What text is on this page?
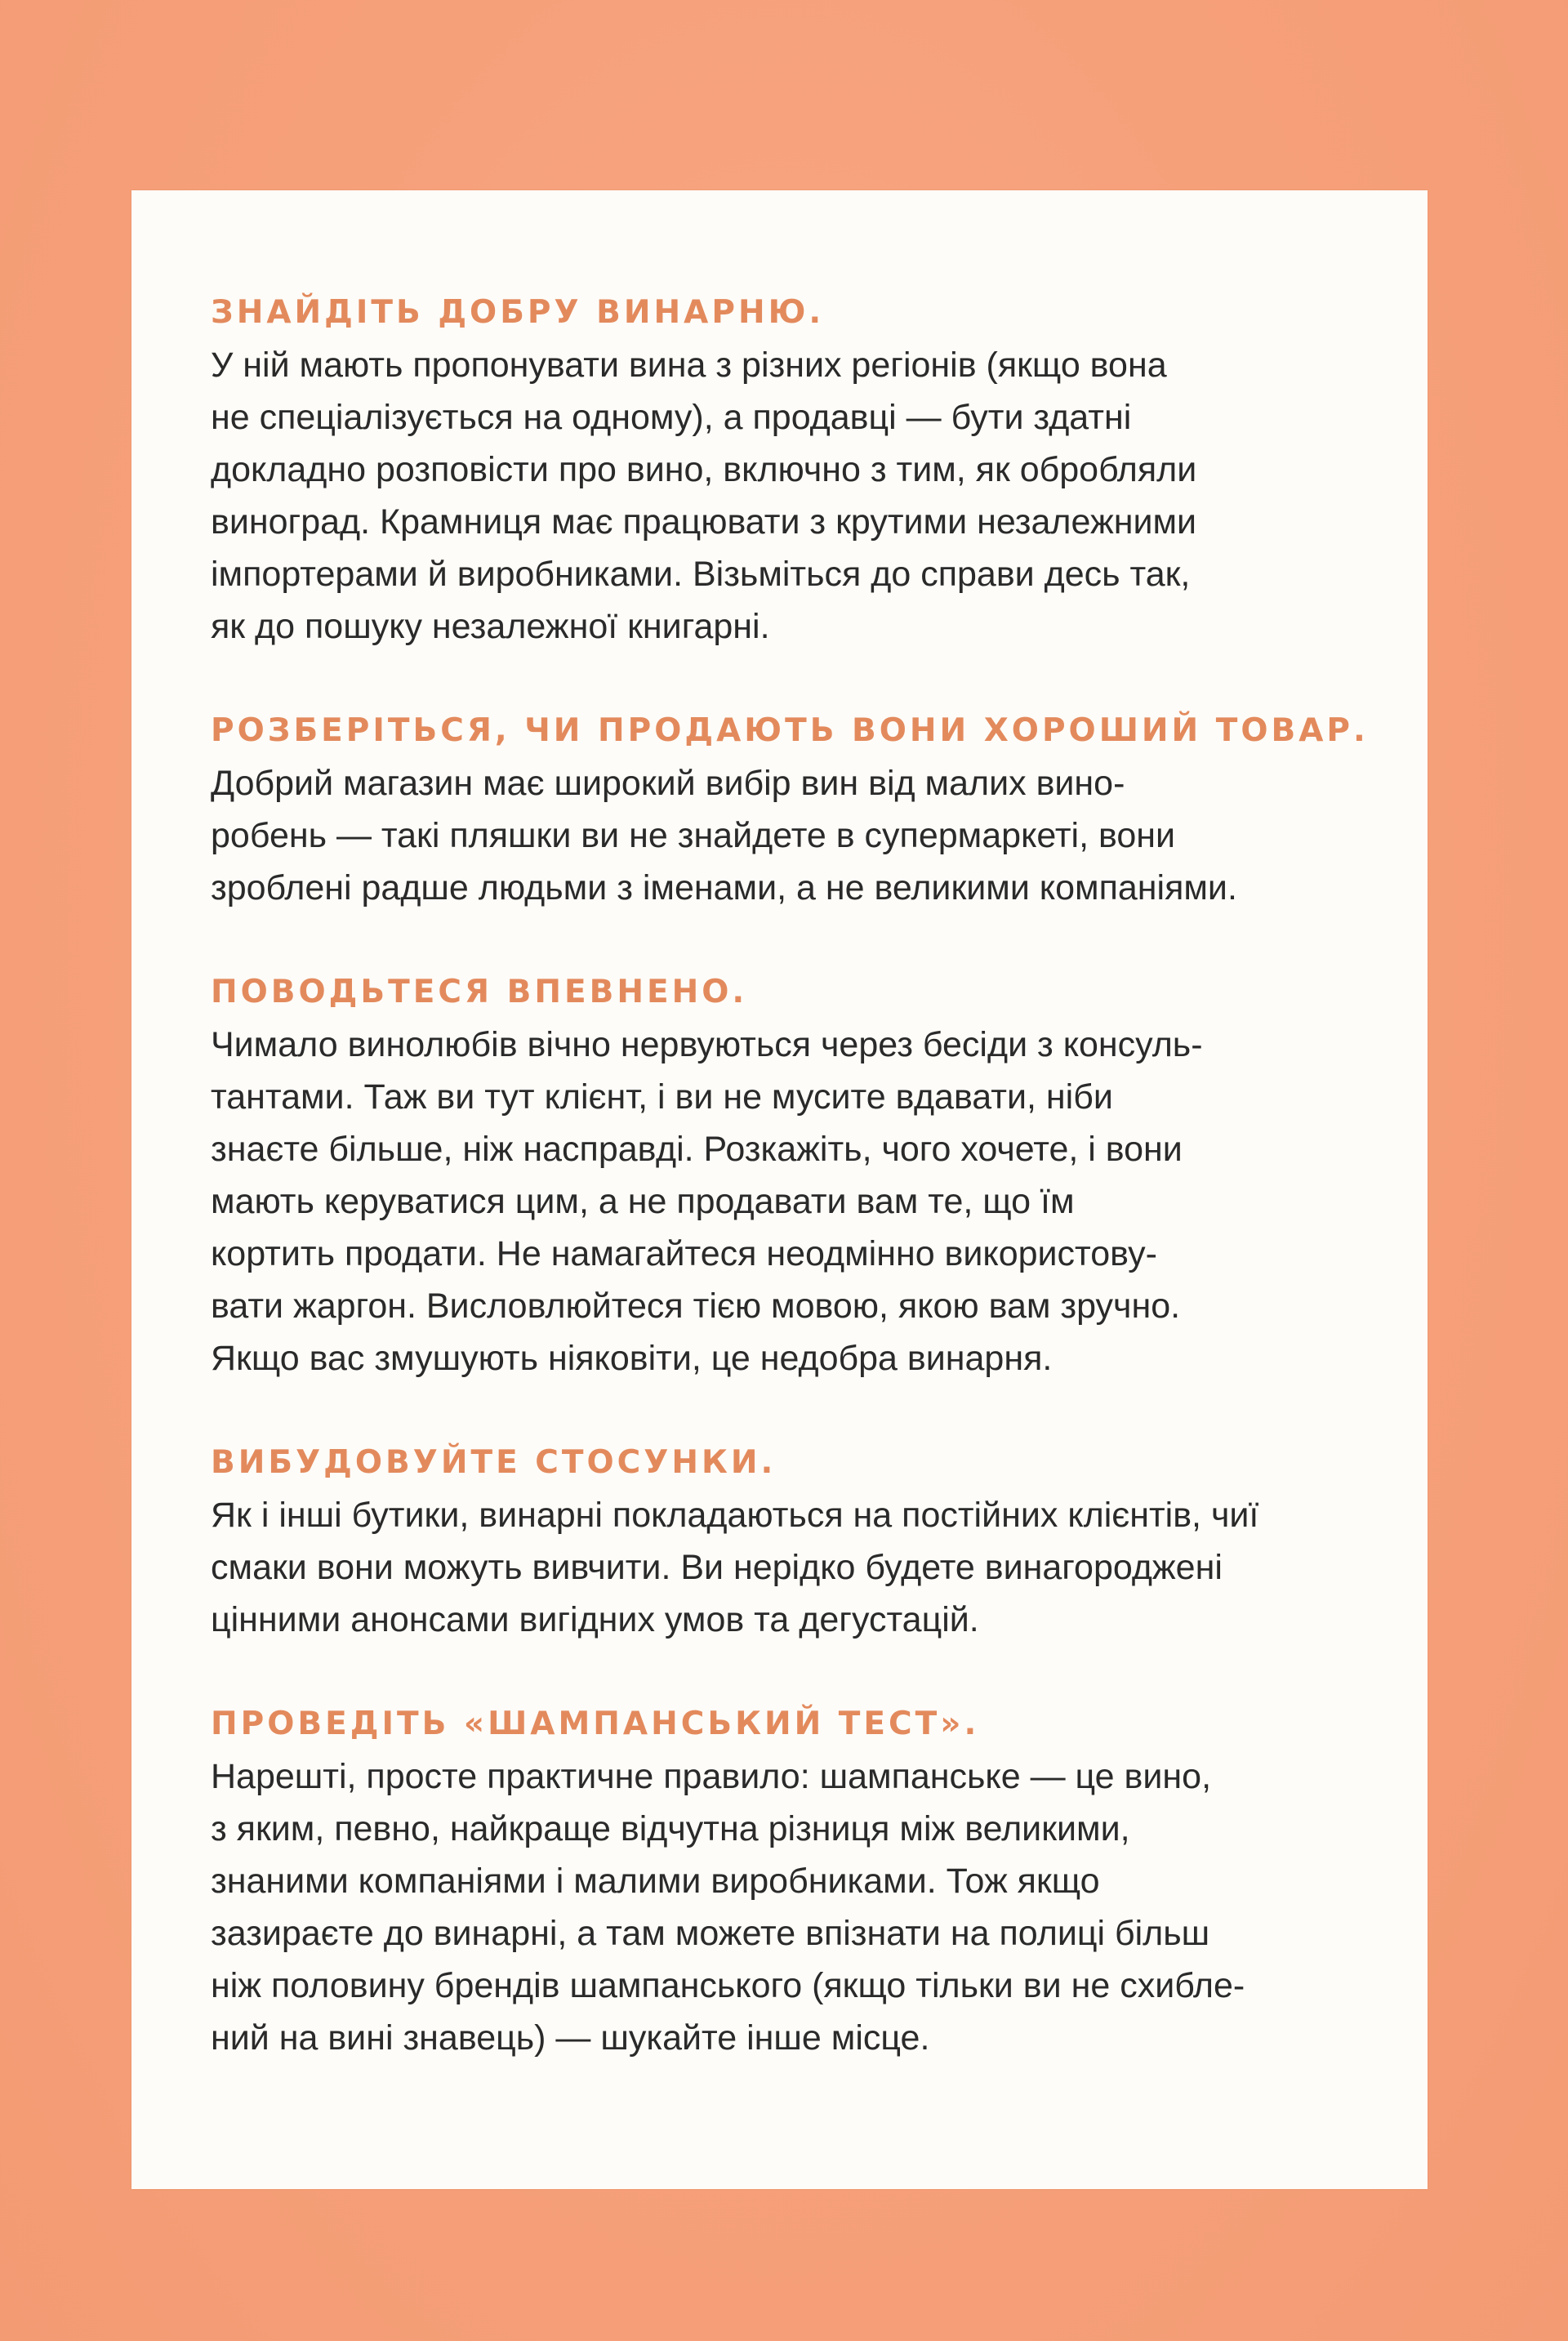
ЗНАЙДІТЬ ДОБРУ ВИНАРНЮ.

У ній мають пропонувати вина з різних регіонів (якщо вона

не спеціалізується на одному), а продавці — бути здатні

докладно розповісти про вино, включно з тим, як обробляли

виноград. Крамниця має працювати з крутими незалежними

імпортерами й виробниками. Візьміться до справи десь так,

як до пошуку незалежної книгарні.

РОЗБЕРІТЬСЯ, ЧИ ПРОДАЮТЬ ВОНИ ХОРОШИЙ ТОВАР.

Добрий магазин має широкий вибір вин від малих вино-

робень — такі пляшки ви не знайдете в супермаркеті, вони

зроблені радше людьми з іменами, а не великими компаніями.

ПОВОДЬТЕСЯ ВПЕВНЕНО.

Чимало винолюбів вічно нервуються через бесіди з консуль-

тантами. Таж ви тут клієнт, і ви не мусите вдавати, ніби

знаєте більше, ніж насправді. Розкажіть, чого хочете, і вони

мають керуватися цим, а не продавати вам те, що їм

кортить продати. Не намагайтеся неодмінно використову-

вати жаргон. Висловлюйтеся тією мовою, якою вам зручно.

Якщо вас змушують ніяковіти, це недобра винарня.

ВИБУДОВУЙТЕ СТОСУНКИ.

Як і інші бутики, винарні покладаються на постійних клієнтів, чиї

смаки вони можуть вивчити. Ви нерідко будете винагороджені

цінними анонсами вигідних умов та дегустацій.

ПРОВЕДІТЬ «ШАМПАНСЬКИЙ ТЕСТ».

Нарешті, просте практичне правило: шампанське — це вино,

з яким, певно, найкраще відчутна різниця між великими,

знаними компаніями і малими виробниками. Тож якщо

зазираєте до винарні, а там можете впізнати на полиці більш

ніж половину брендів шампанського (якщо тільки ви не схибле-

ний на вині знавець) — шукайте інше місце.
